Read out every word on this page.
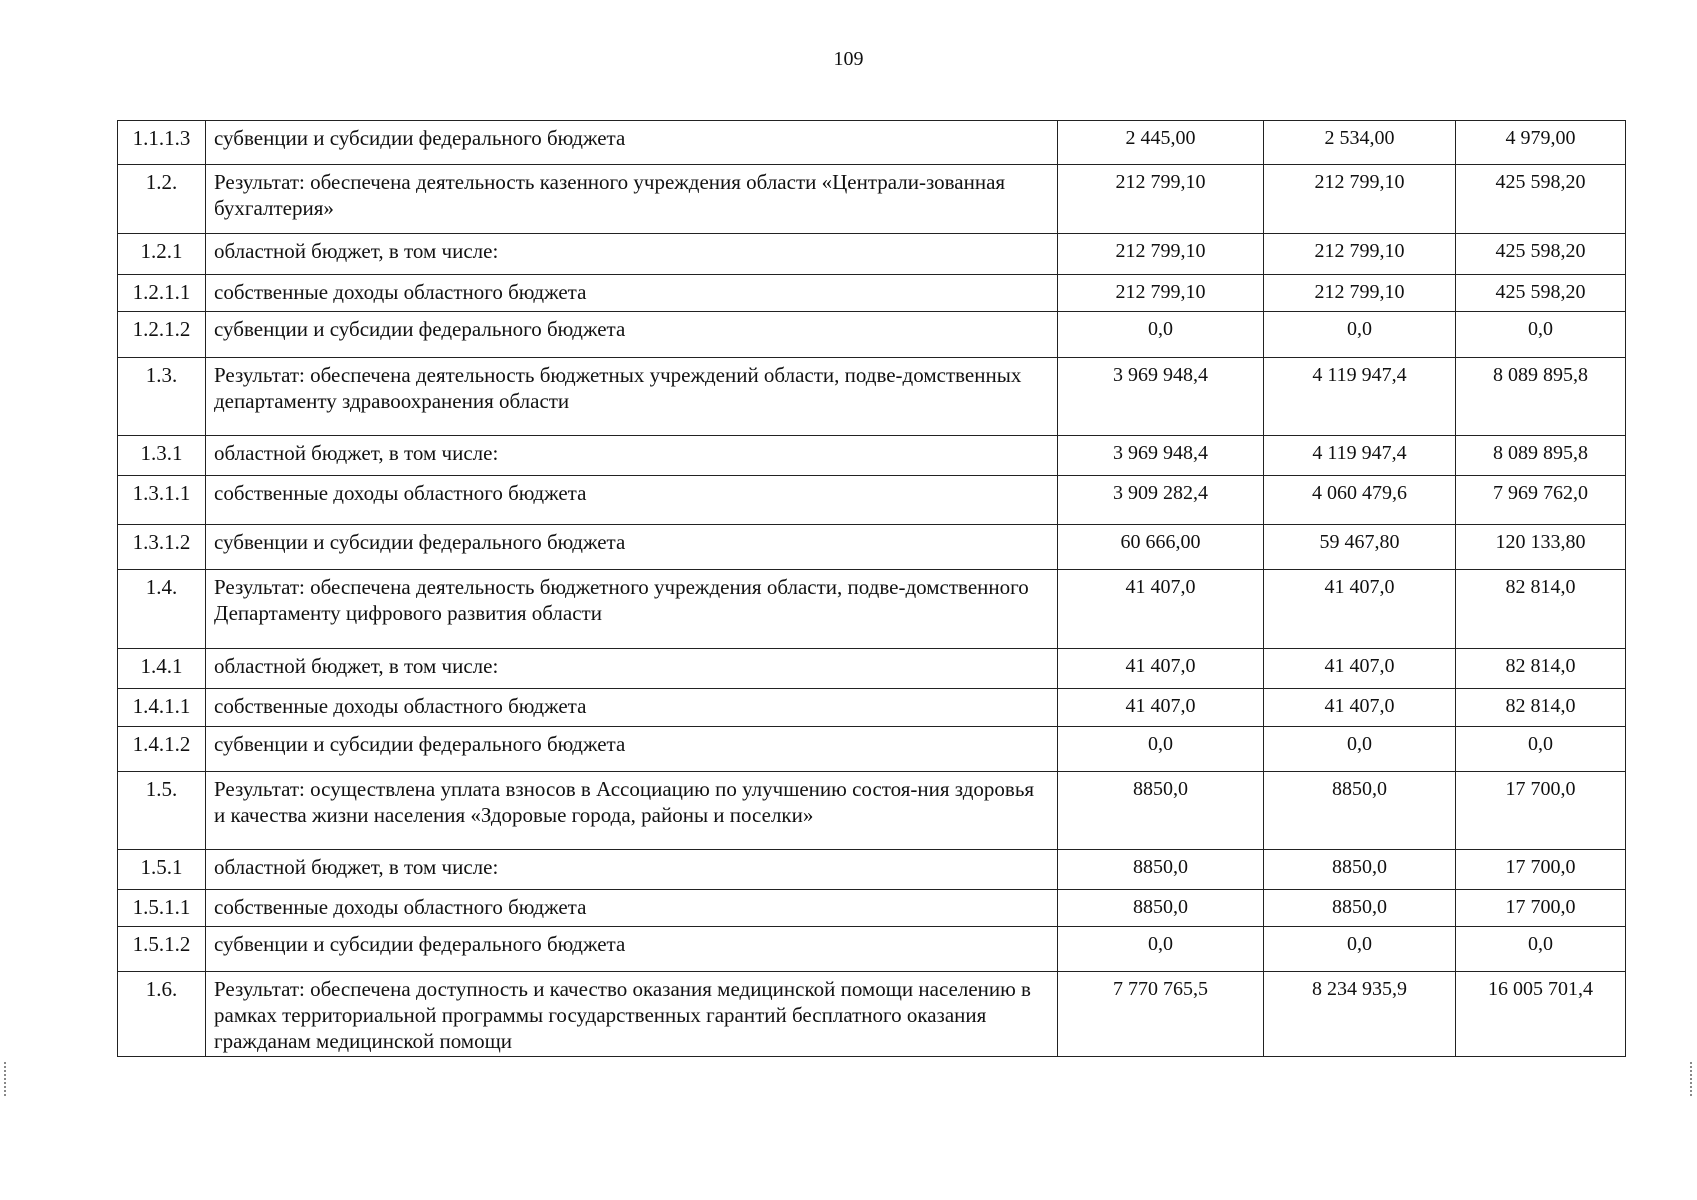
109
1.1.1.3	субвенции и субсидии федерального бюджета	2 445,00	2 534,00	4 979,00
1.2.	Результат: обеспечена деятельность казенного учреждения области «Централи-зованная бухгалтерия»	212 799,10	212 799,10	425 598,20
1.2.1	областной бюджет, в том числе:	212 799,10	212 799,10	425 598,20
1.2.1.1	собственные доходы областного бюджета	212 799,10	212 799,10	425 598,20
1.2.1.2	субвенции и субсидии федерального бюджета	0,0	0,0	0,0
1.3.	Результат: обеспечена деятельность бюджетных учреждений области, подве-домственных департаменту здравоохранения области	3 969 948,4	4 119 947,4	8 089 895,8
1.3.1	областной бюджет, в том числе:	3 969 948,4	4 119 947,4	8 089 895,8
1.3.1.1	собственные доходы областного бюджета	3 909 282,4	4 060 479,6	7 969 762,0
1.3.1.2	субвенции и субсидии федерального бюджета	60 666,00	59 467,80	120 133,80
1.4.	Результат: обеспечена деятельность бюджетного учреждения области, подве-домственного Департаменту цифрового развития области	41 407,0	41 407,0	82 814,0
1.4.1	областной бюджет, в том числе:	41 407,0	41 407,0	82 814,0
1.4.1.1	собственные доходы областного бюджета	41 407,0	41 407,0	82 814,0
1.4.1.2	субвенции и субсидии федерального бюджета	0,0	0,0	0,0
1.5.	Результат: осуществлена уплата взносов в Ассоциацию по улучшению состоя-ния здоровья и качества жизни населения «Здоровые города, районы и поселки»	8850,0	8850,0	17 700,0
1.5.1	областной бюджет, в том числе:	8850,0	8850,0	17 700,0
1.5.1.1	собственные доходы областного бюджета	8850,0	8850,0	17 700,0
1.5.1.2	субвенции и субсидии федерального бюджета	0,0	0,0	0,0
1.6.	Результат: обеспечена доступность и качество оказания медицинской помощи населению в рамках территориальной программы государственных гарантий бесплатного оказания гражданам медицинской помощи	7 770 765,5	8 234 935,9	16 005 701,4
